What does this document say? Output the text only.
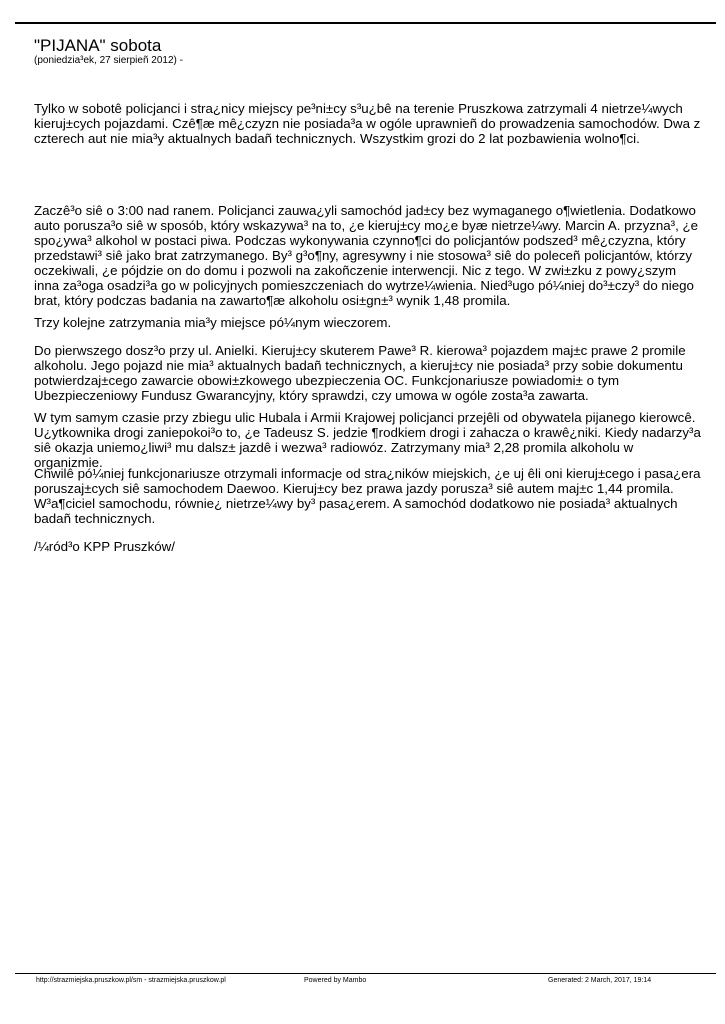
"PIJANA" sobota
(poniedzia³ek, 27 sierpieñ 2012) -

Tylko w sobotê policjanci i stra¿nicy miejscy pe³ni±cy s³u¿bê na terenie Pruszkowa zatrzymali 4 nietrze¼wych kieruj±cych pojazdami. Czê¶æ mê¿czyzn nie posiada³a w ogóle uprawnieñ do prowadzenia samochodów. Dwa z czterech aut nie mia³y aktualnych badañ technicznych. Wszystkim grozi do 2 lat pozbawienia wolno¶ci.

Zaczê³o siê o 3:00 nad ranem. Policjanci zauwa¿yli samochód jad±cy bez wymaganego o¶wietlenia. Dodatkowo auto porusza³o siê w sposób, który wskazywa³ na to, ¿e kieruj±cy mo¿e byæ nietrze¼wy. Marcin A. przyzna³, ¿e spo¿ywa³ alkohol w postaci piwa. Podczas wykonywania czynno¶ci do policjantów podszed³ mê¿czyzna, który przedstawi³ siê jako brat zatrzymanego. By³ g³o¶ny, agresywny i nie stosowa³ siê do poleceñ policjantów, którzy oczekiwali, ¿e pójdzie on do domu i pozwoli na zakoñczenie interwencji. Nic z tego. W zwi±zku z powy¿szym inna za³oga osadzi³a go w policyjnych pomieszczeniach do wytrze¼wienia. Nied³ugo pó¼niej do³±czy³ do niego brat, który podczas badania na zawarto¶æ alkoholu osi±gn±³ wynik 1,48 promila.

Trzy kolejne zatrzymania mia³y miejsce pó¼nym wieczorem.

Do pierwszego dosz³o przy ul. Anielki. Kieruj±cy skuterem Pawe³ R. kierowa³ pojazdem maj±c prawe 2 promile alkoholu. Jego pojazd nie mia³ aktualnych badañ technicznych, a kieruj±cy nie posiada³ przy sobie dokumentu potwierdzaj±cego zawarcie obowi±zkowego ubezpieczenia OC. Funkcjonariusze powiadomi± o tym Ubezpieczeniowy Fundusz Gwarancyjny, który sprawdzi, czy umowa w ogóle zosta³a zawarta.

W tym samym czasie przy zbiegu ulic Hubala i Armii Krajowej policjanci przejêli od obywatela pijanego kierowcê. U¿ytkownika drogi zaniepokoi³o to, ¿e Tadeusz S. jedzie ¶rodkiem drogi i zahacza o krawê¿niki. Kiedy nadarzy³a siê okazja uniemo¿liwi³ mu dalsz± jazdê i wezwa³ radiowóz. Zatrzymany mia³ 2,28 promila alkoholu w organizmie.

Chwilê pó¼niej funkcjonariusze otrzymali informacje od stra¿ników miejskich, ¿e uj êli oni kieruj±cego i pasa¿era poruszaj±cych siê samochodem Daewoo. Kieruj±cy bez prawa jazdy porusza³ siê autem maj±c 1,44 promila. W³a¶ciciel samochodu, równie¿ nietrze¼wy by³ pasa¿erem. A samochód dodatkowo nie posiada³ aktualnych badañ technicznych.

/¼ród³o KPP Pruszków/

http://strazmiejska.pruszkow.pl/sm - strazmiejska.pruszkow.pl	Powered by Mambo	Generated: 2 March, 2017, 19:14
